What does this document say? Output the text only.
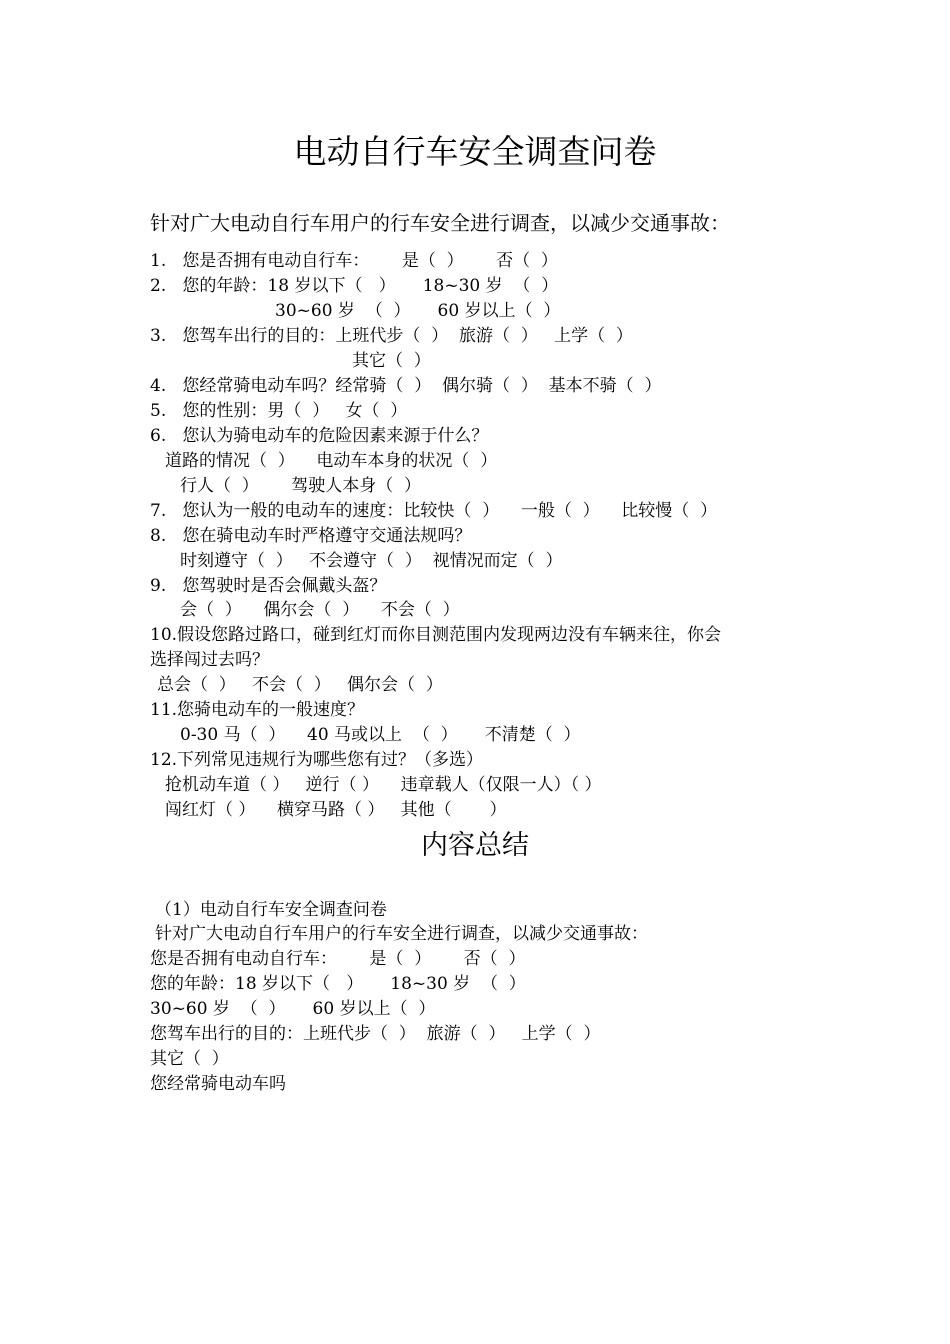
电动自行车安全调查问卷
针对广大电动自行车用户的行车安全进行调查，以减少交通事故：
1.   您是否拥有电动自行车：      是（  ）      否（  ）
2.   您的年龄：18 岁以下（   ）     18~30 岁  （  ）
30~60 岁  （  ）     60 岁以上（  ）
3.   您驾车出行的目的：上班代步（  ）  旅游（  ）   上学（  ）
其它（  ）
4.   您经常骑电动车吗？经常骑（  ）  偶尔骑（  ）  基本不骑（  ）
5.   您的性别：男（  ）   女（  ）
6.   您认为骑电动车的危险因素来源于什么？
道路的情况（  ）    电动车本身的状况（  ）
行人（  ）      驾驶人本身（  ）
7.   您认为一般的电动车的速度：比较快（  ）    一般（  ）    比较慢（  ）
8.   您在骑电动车时严格遵守交通法规吗？
时刻遵守（  ）   不会遵守（  ）  视情况而定（  ）
9.   您驾驶时是否会佩戴头盔？
会（  ）    偶尔会（  ）    不会（  ）
10.假设您路过路口，碰到红灯而你目测范围内发现两边没有车辆来往，你会
选择闯过去吗？
总会（  ）   不会（  ）   偶尔会（  ）
11.您骑电动车的一般速度？
0-30 马（  ）    40 马或以上  （  ）     不清楚（  ）
12.下列常见违规行为哪些您有过？（多选）
抢机动车道（ ）   逆行（ ）    违章载人（仅限一人）（ ）
闯红灯（ ）    横穿马路（ ）   其他（       ）
内容总结
（1）电动自行车安全调查问卷
针对广大电动自行车用户的行车安全进行调查，以减少交通事故：
您是否拥有电动自行车：      是（  ）      否（  ）
您的年龄：18 岁以下（   ）     18~30 岁  （  ）
30~60 岁  （  ）     60 岁以上（  ）
您驾车出行的目的：上班代步（  ）  旅游（  ）   上学（  ）
其它（  ）
您经常骑电动车吗
